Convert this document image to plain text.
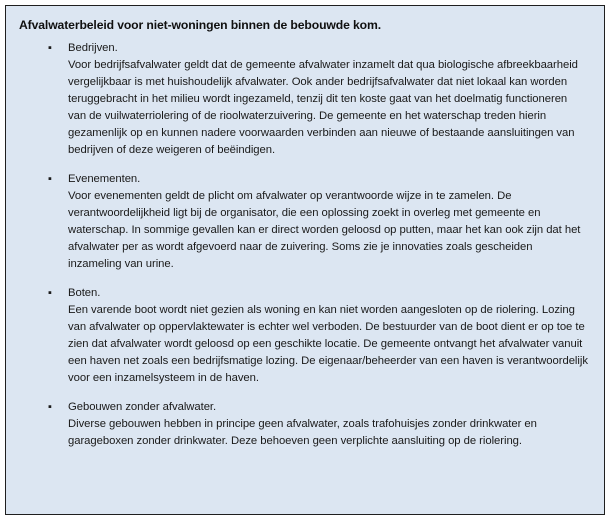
Afvalwaterbeleid voor niet-woningen binnen de bebouwde kom.
▪	Bedrijven.
Voor bedrijfsafvalwater geldt dat de gemeente afvalwater inzamelt dat qua biologische afbreekbaarheid vergelijkbaar is met huishoudelijk afvalwater. Ook ander bedrijfsafvalwater dat niet lokaal kan worden teruggebracht in het milieu wordt ingezameld, tenzij dit ten koste gaat van het doelmatig functioneren van de vuilwaterriolering of de rioolwaterzuivering. De gemeente en het waterschap treden hierin gezamenlijk op en kunnen nadere voorwaarden verbinden aan nieuwe of bestaande aansluitingen van bedrijven of deze weigeren of beëindigen.
▪	Evenementen.
Voor evenementen geldt de plicht om afvalwater op verantwoorde wijze in te zamelen. De verantwoordelijkheid ligt bij de organisator, die een oplossing zoekt in overleg met gemeente en waterschap. In sommige gevallen kan er direct worden geloosd op putten, maar het kan ook zijn dat het afvalwater per as wordt afgevoerd naar de zuivering. Soms zie je innovaties zoals gescheiden inzameling van urine.
▪	Boten.
Een varende boot wordt niet gezien als woning en kan niet worden aangesloten op de riolering. Lozing van afvalwater op oppervlaktewater is echter wel verboden. De bestuurder van de boot dient er op toe te zien dat afvalwater wordt geloosd op een geschikte locatie. De gemeente ontvangt het afvalwater vanuit een haven net zoals een bedrijfsmatige lozing. De eigenaar/beheerder van een haven is verantwoordelijk voor een inzamelsysteem in de haven.
▪	Gebouwen zonder afvalwater.
Diverse gebouwen hebben in principe geen afvalwater, zoals trafohuisjes zonder drinkwater en garageboxen zonder drinkwater. Deze behoeven geen verplichte aansluiting op de riolering.
